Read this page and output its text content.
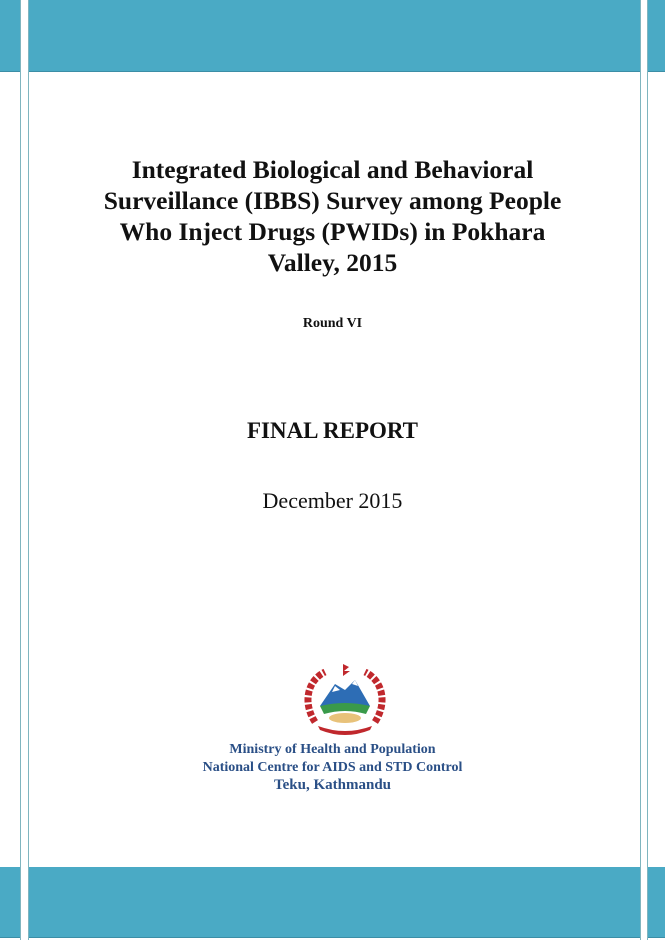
Integrated Biological and Behavioral
Surveillance (IBBS) Survey among People
Who Inject Drugs (PWIDs) in Pokhara
Valley, 2015
Round VI
FINAL REPORT
December 2015
Ministry of Health and Population
National Centre for AIDS and STD Control
Teku, Kathmandu
